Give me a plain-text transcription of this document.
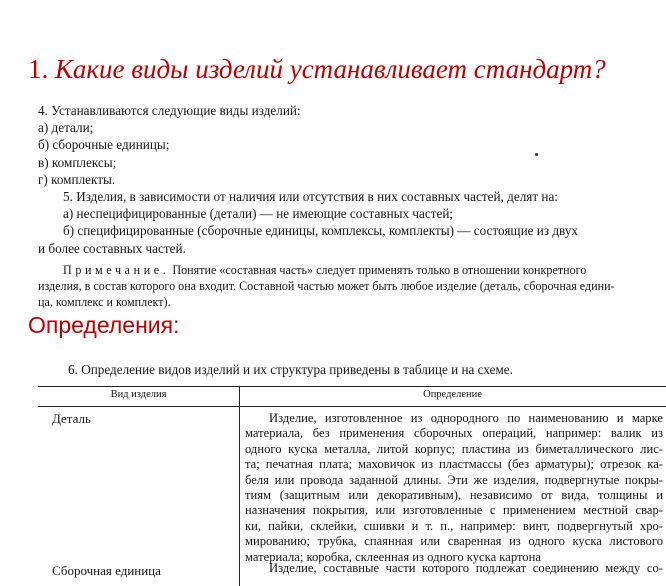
1. Какие виды изделий устанавливает стандарт?
4. Устанавливаются следующие виды изделий:
а) детали;
б) сборочные единицы;
в) комплексы;
г) комплекты.
5. Изделия, в зависимости от наличия или отсутствия в них составных частей, делят на:
а) неспецифицированные (детали) — не имеющие составных частей;
б) специфицированные (сборочные единицы, комплексы, комплекты) — состоящие из двух
и более составных частей.
Примечание. Понятие «составная часть» следует применять только в отношении конкретного
изделия, в состав которого она входит. Составной частью может быть любое изделие (деталь, сборочная едини-
ца, комплекс и комплект).
Определения:
6. Определение видов изделий и их структура приведены в таблице и на схеме.
Вид изделия	Определение
Деталь	Изделие, изготовленное из однородного по наименованию и марке
материала, без применения сборочных операций, например: валик из
одного куска металла, литой корпус; пластина из биметаллического лис-
та; печатная плата; маховичок из пластмассы (без арматуры); отрезок ка-
беля или провода заданной длины. Эти же изделия, подвергнутые покры-
тиям (защитным или декоративным), независимо от вида, толщины и
назначения покрытия, или изготовленные с применением местной свар-
ки, пайки, склейки, сшивки и т. п., например: винт, подвергнутый хро-
мированию; трубка, спаянная или сваренная из одного куска листового
материала; коробка, склеенная из одного куска картона
Сборочная единица	Изделие, составные части которого подлежат соединению между со-
